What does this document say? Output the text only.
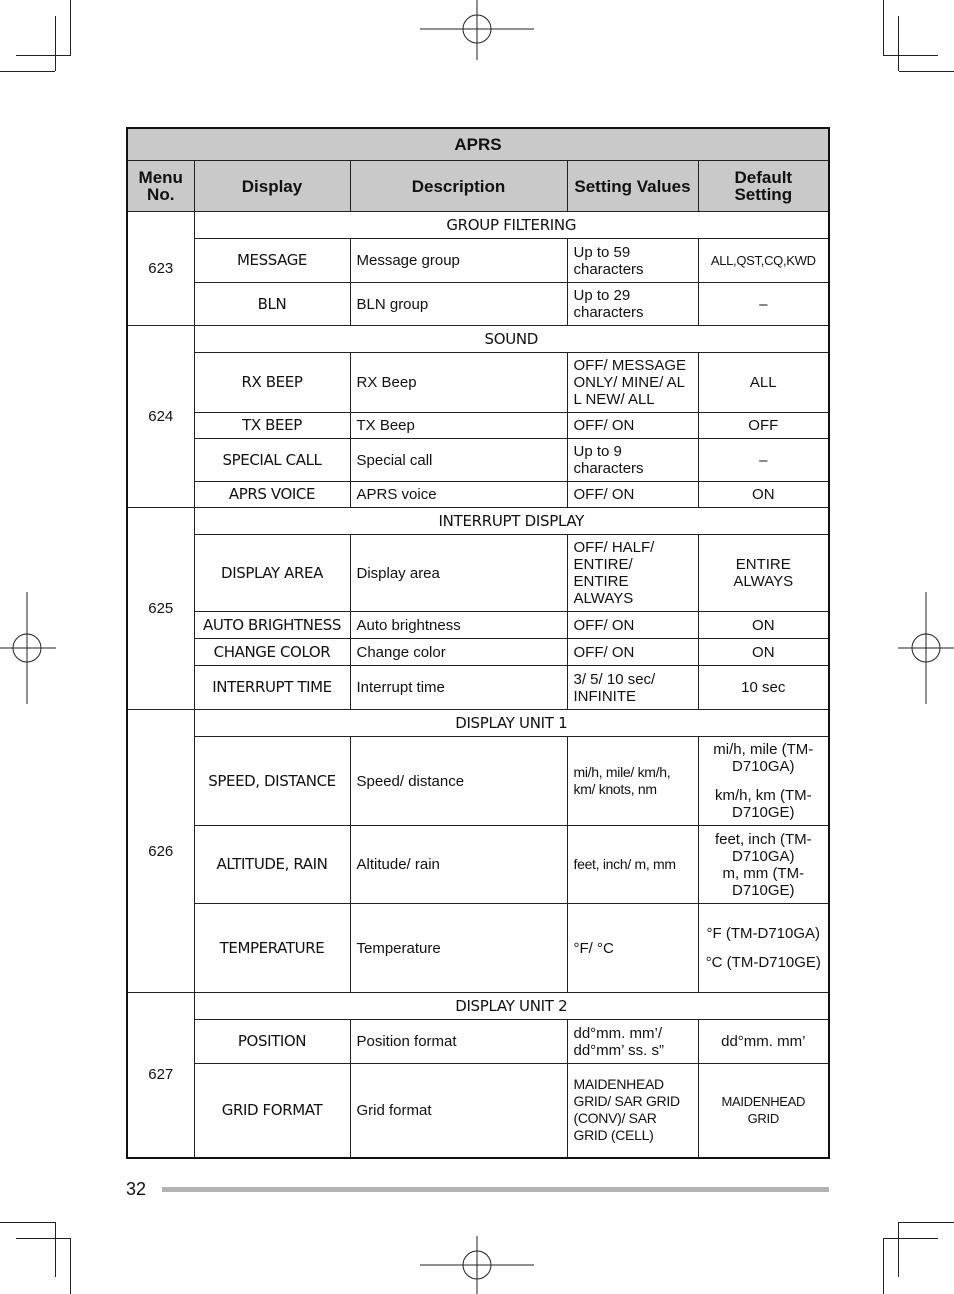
APRS				
Menu No.	Display	Description	Setting Values	Default Setting
623	GROUP FILTERING			
	MESSAGE	Message group	Up to 59 characters	ALL,QST,CQ,KWD
	BLN	BLN group	Up to 29 characters	–
624	SOUND			
	RX BEEP	RX Beep	OFF/ MESSAGE ONLY/ MINE/ ALL NEW/ ALL	ALL
	TX BEEP	TX Beep	OFF/ ON	OFF
	SPECIAL CALL	Special call	Up to 9 characters	–
	APRS VOICE	APRS voice	OFF/ ON	ON
625	INTERRUPT DISPLAY			
	DISPLAY AREA	Display area	OFF/ HALF/ ENTIRE/ ENTIRE ALWAYS	ENTIRE ALWAYS
	AUTO BRIGHTNESS	Auto brightness	OFF/ ON	ON
	CHANGE COLOR	Change color	OFF/ ON	ON
	INTERRUPT TIME	Interrupt time	3/ 5/ 10 sec/ INFINITE	10 sec
626	DISPLAY UNIT 1			
	SPEED, DISTANCE	Speed/ distance	mi/h, mile/ km/h, km/ knots, nm	mi/h, mile (TM-D710GA)
km/h, km (TM-D710GE)

	ALTITUDE, RAIN	Altitude/ rain	feet, inch/ m, mm	feet, inch (TM-D710GA)
m, mm (TM-D710GE)

	TEMPERATURE	Temperature	°F/ °C	°F (TM-D710GA)
°C (TM-D710GE)

627	DISPLAY UNIT 2			
	POSITION	Position format	dd°mm. mm’/ dd°mm’ ss. s”	dd°mm. mm’
	GRID FORMAT	Grid format	MAIDENHEAD GRID/ SAR GRID (CONV)/ SAR GRID (CELL)	MAIDENHEAD GRID
32
